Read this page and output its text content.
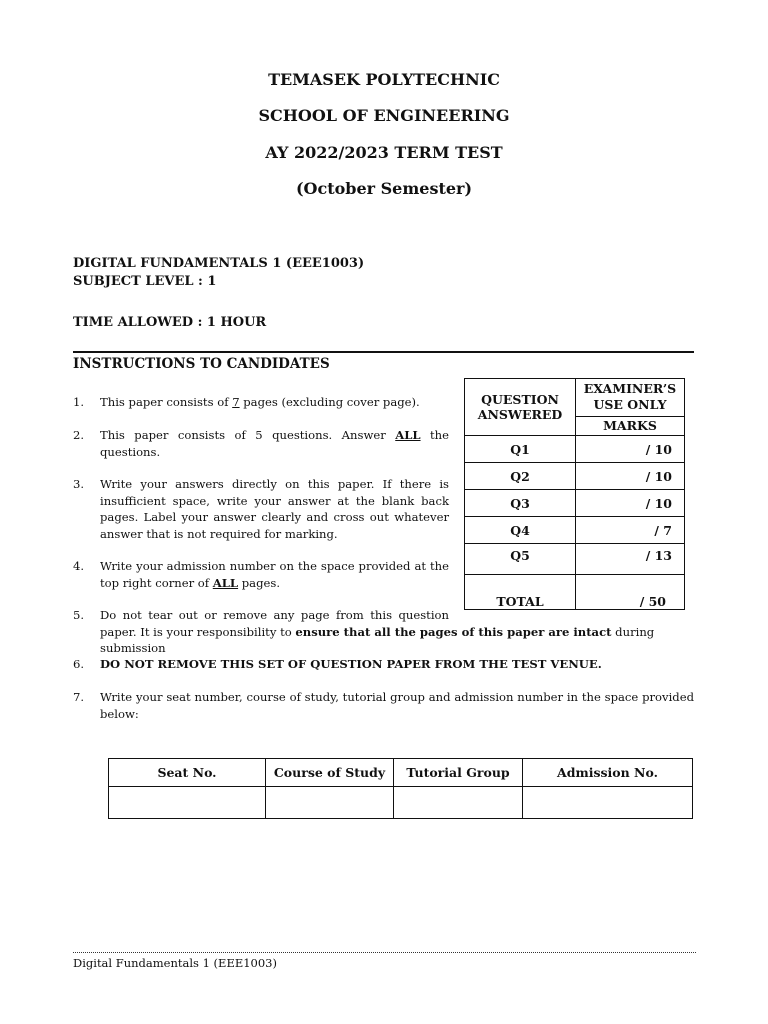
TEMASEK POLYTECHNIC
SCHOOL OF ENGINEERING
AY 2022/2023 TERM TEST
(October Semester)
DIGITAL FUNDAMENTALS 1 (EEE1003)
SUBJECT LEVEL : 1
TIME ALLOWED : 1 HOUR
INSTRUCTIONS TO CANDIDATES
1.	This paper consists of 7 pages (excluding cover page).
2.	This paper consists of 5 questions. Answer ALL the questions.
3.	Write your answers directly on this paper. If there is insufficient space, write your answer at the blank back pages. Label your answer clearly and cross out whatever answer that is not required for marking.
4.	Write your admission number on the space provided at the top right corner of ALL pages.
5.	Do not tear out or remove any page from this question
paper. It is your responsibility to ensure that all the pages of this paper are intact during submission
6.	DO NOT REMOVE THIS SET OF QUESTION PAPER FROM THE TEST VENUE.
7.	Write your seat number, course of study, tutorial group and admission number in the space provided below:
QUESTION ANSWERED	EXAMINER’S USE ONLY
	MARKS
Q1	/ 10
Q2	/ 10
Q3	/ 10
Q4	/ 7
Q5	/ 13
TOTAL	/ 50
Seat No.	Course of Study	Tutorial Group	Admission No.

Digital Fundamentals 1 (EEE1003)
